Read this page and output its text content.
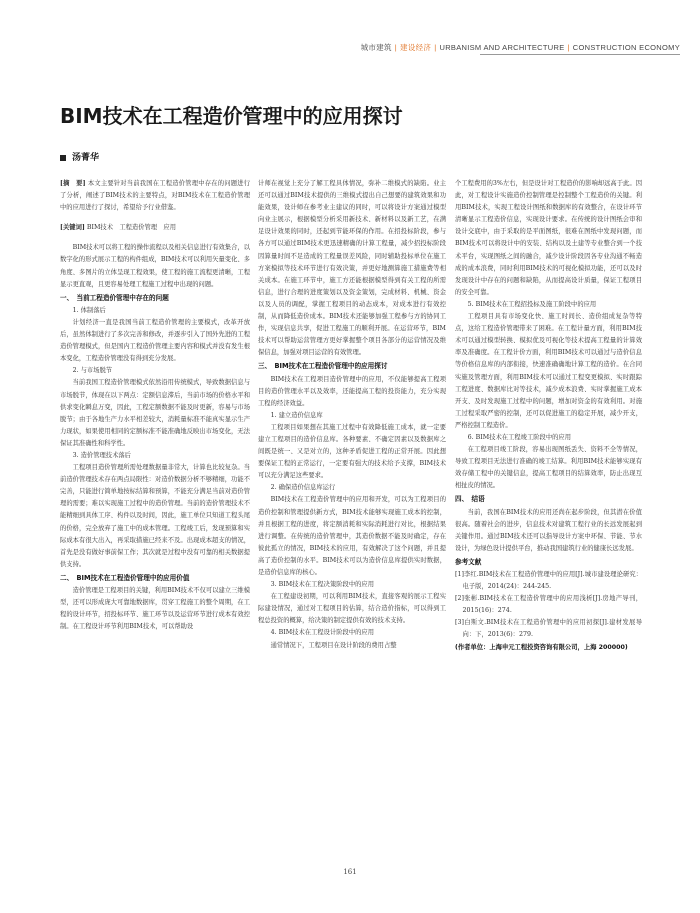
城市建筑 | 建设经济 | URBANISM AND ARCHITECTURE | CONSTRUCTION ECONOMY
BIM技术在工程造价管理中的应用探讨
汤菁华
[摘　要] 本文主要针对当前我国在工程造价管理中存在的问题进行了分析，阐述了BIM技术的主要特点，对BIM技术在工程造价管理中的应用进行了探讨，希望给予行业借鉴。
[关键词] BIM技术　工程造价管理　应用
BIM技术可以将工程的操作流程以及相关信息进行有效集合，以数字化的形式展示工程的构件组成，BIM技术可以利用矢量变化、多角度、多图片的立体呈现工程效果，使工程的施工流程更清晰，工程显示更直观，且更容易处理工程施工过程中出现的问题。
一、　当前工程造价管理中存在的问题
1. 体制落后
计划经济一直是我国当前工程造价管理的主要模式，改革开放后，虽然体制进行了多次完善和修改，并逐步引入了国外先进的工程造价管理模式，但是国内工程造价管理主要内容和模式并没有发生根本变化，工程造价管理没有得到充分发展。
2. 与市场脱节
当前我国工程造价管理模式依然沿用传统模式，导致数据信息与市场脱节，体现在以下两点：定额信息滞后，当前市场的价格水平和供求变化瞬息万变，因此，工程定额数据不能及时更新，容易与市场脱节；由于各地生产力水平相差较大，消耗量标准不能真实显示生产力现状，如果使用相同的定额标准不能准确地反映出市场变化，无法保证其准确性和科学性。
3. 造价管理技术落后
工程项目造价管理所需处理数据量非常大，计算也比较复杂。当前造价管理技术存在两点局限性：对造价数据分析不够精细，功能不完善，只能进行简单地按标结算和预算，不能充分满足当前对造价管理的需要；难以实现施工过程中的造价管理。当前的造价管理技术不能精细到具体工序、构件以及时间，因此，施工单位只知道工程头尾的价格，完全放弃了施工中的成本管理。工程竣工后，发现预算和实际成本有很大出入，再采取措施已经来不及。出现成本超支的情况，首先是没有做好事前保工作；其次就是过程中没有可靠的相关数据提供支持。
二、　BIM技术在工程造价管理中的应用价值
造价管理是工程项目的关键，利用BIM技术不仅可以建立三维模型，还可以形成庞大可靠地数据库，贯穿工程施工的整个周期，在工程的设计环节，招投标环节、施工环节以及运营环节进行成本有效控制。在工程设计环节利用BIM技术，可以帮助设
计师在视觉上充分了解工程具体情况，弥补二维模式的缺陷。业主还可以通过BIM技术提供的三维模式提出自己想要的建筑效果和功能效果，设计师在参考业主建议的同时，可以将设计方案通过模型向业主展示，根据模型分析采用新技术、新材料以及新工艺，在满足设计效果的同时，还起到节能环保的作用。在招投标阶段，参与各方可以通过BIM技术更迅速精确的计算工程量，减少招投标阶段因算量时间不足造成的工程量误差风险，同时辅助投标单位在施工方案模拟等技术环节进行有效决策，并更好地测算施工措施费等相关成本。在施工环节中，施工方还能根据模型得到有关工程的所需信息，进行合理的进度策划以及资金策划，完成材料、机械、资金以及人员的调配，掌握工程项目的动态成本，对成本进行有效控制，从而降低造价成本。BIM技术还能够加强工程参与方的协同工作，实现信息共享，促进工程施工的顺利开展。在运营环节，BIM技术可以帮助运营管理方更好掌握整个项目各部分的运营情况及维保信息，加强对项目运营的有效管理。
三、　BIM技术在工程造价管理中的应用探讨
BIM技术在工程项目造价管理中的应用，不仅能够提高工程项目的造价管理水平以及效率，还能提高工程的投资能力，充分实现工程的经济效益。
1. 建立造价信息库
工程项目如果想在其施工过程中有效降低施工成本，就一定要建立工程项目的造价信息库。各种要素、不确定因素以及数据库之间既是统一、又是对立的，这种矛盾促进工程的正常开展。因此想要保证工程的正常运行，一定要有强大的技术给予支撑，BIM技术可以充分满足这些要求。
2. 确保造价信息库运行
BIM技术在工程造价管理中的应用和开发，可以为工程项目的造价控制和管理提供新方式，BIM技术能够实现施工成本的控制，并且根据工程的进度，将定额消耗和实际消耗进行对比，根据结果进行调整。在传统的造价管理中，其造价数据不能及时确定，存在彼此孤立的情况，BIM技术的应用，有效解决了这个问题，并且提高了造价控制的水平。BIM技术可以为造价信息库提供实时数据，是造价信息库的核心。
3. BIM技术在工程决策阶段中的应用
在工程建设初期，可以利用BIM技术，直接客观的展示工程实际建设情况，通过对工程项目的估算，结合造价指标，可以得到工程总投资的概算，给决策的制定提供有效的技术支持。
4. BIM技术在工程设计阶段中的应用
通常情况下，工程项目在设计阶段的费用占整
个工程费用的3%左右，但是设计对工程造价的影响却远高于此。因此，对工程设计实施造价控制管理是控制整个工程造价的关键。利用BIM技术，实现工程设计图纸和数据库的有效整合，在设计环节清晰显示工程造价信息，实现设计要求。在传统的设计图纸会审和设计交底中，由于采取的是平面图纸，很难在图纸中发现问题，而BIM技术可以将设计中的安装、结构以及土建等专业整合到一个技术平台，实现图纸之间的融合，减少设计阶段因各专业沟通不畅造成的成本浪费，同时利用BIM技术的可视化模拟功能，还可以及时发现设计中存在的问题和缺陷，从而提高设计质量，保证工程项目的安全可靠。
5. BIM技术在工程招投标及施工阶段中的应用
工程项目具有市场变化快、施工时间长、造价组成复杂等特点，这给工程造价管理带来了困难。在工程计量方面，利用BIM技术可以通过模型转换、模拟优及可视化等技术提高工程量的计算效率及准确度。在工程计价方面，利用BIM技术可以通过与造价信息等价格信息库的内部衔接，快速准确确地计算工程的造价。在合同实施及管理方面，利用BIM技术可以通过工程变更模拟、实时跟踪工程进度、数据库比对等技术，减少成本浪费、实时掌握施工成本开支、及时发现施工过程中的问题，增加对资金的有效利用。对施工过程采取严密的控制，还可以促进施工的稳定开展，减少开支，严格控制工程造价。
6. BIM技术在工程竣工阶段中的应用
在工程项目竣工阶段，容易出现图纸丢失、资料不全等情况，导致工程项目无法进行准确的竣工结算。利用BIM技术能够实现有效存储工程中的关键信息，提高工程项目的结算效率，防止出现互相扯皮的情况。
四、　结语
当前，我国在BIM技术的应用还尚在起步阶段，但其潜在价值很高。随着社会的进步，信息技术对建筑工程行业的长远发展起到关键作用。通过BIM技术还可以指导设计方案中环保、节能、节水设计，为绿色设计提供平台，推动我国建筑行业的健康长远发展。
参考文献
[1]李红.BIM技术在工程造价管理中的应用[J].城市建设理论研究：电子版，2014(24)：244-245.
[2]张彬.BIM技术在工程造价管理中的应用浅析[J].房地产导刊，2015(16)：274.
[3]白斯文.BIM技术在工程造价管理中的应用初探[J].建材发展导向：下，2013(6)：279.
(作者单位：上海申元工程投资咨询有限公司，上海 200000)
161
